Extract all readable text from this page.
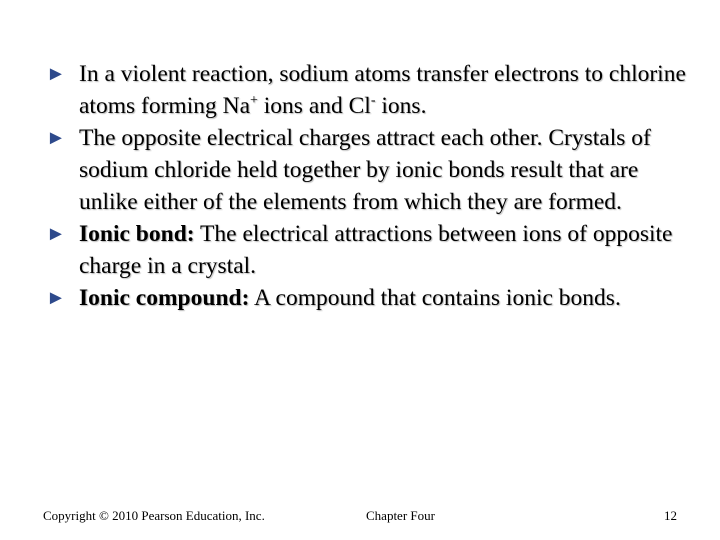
► In a violent reaction, sodium atoms transfer electrons to chlorine atoms forming Na+ ions and Cl- ions.
► The opposite electrical charges attract each other. Crystals of sodium chloride held together by ionic bonds result that are unlike either of the elements from which they are formed.
► Ionic bond: The electrical attractions between ions of opposite charge in a crystal.
► Ionic compound: A compound that contains ionic bonds.
Copyright © 2010 Pearson Education, Inc.	Chapter Four	12
